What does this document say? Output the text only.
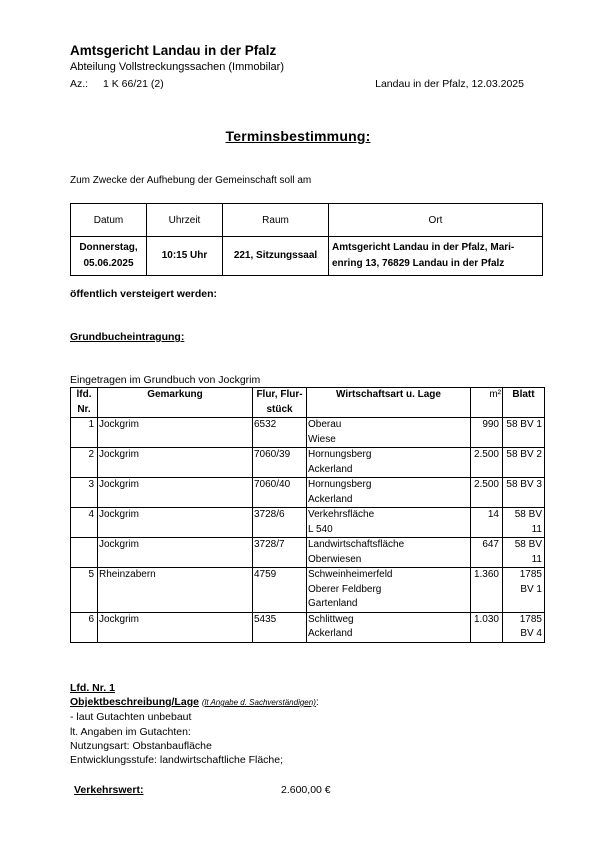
Amtsgericht Landau in der Pfalz
Abteilung Vollstreckungssachen (Immobilar)
Az.: 1 K 66/21 (2)	Landau in der Pfalz, 12.03.2025
Terminsbestimmung:
Zum Zwecke der Aufhebung der Gemeinschaft soll am
Datum	Uhrzeit	Raum	Ort
Donnerstag,
05.06.2025	10:15 Uhr	221, Sitzungssaal	Amtsgericht Landau in der Pfalz, Mari-
enring 13, 76829 Landau in der Pfalz
öffentlich versteigert werden:
Grundbucheintragung:
Eingetragen im Grundbuch von Jockgrim
lfd.
Nr.	Gemarkung	Flur, Flur-
stück	Wirtschaftsart u. Lage	m²	Blatt
1	Jockgrim	6532	Oberau
Wiese	990	58 BV 1
2	Jockgrim	7060/39	Hornungsberg
Ackerland	2.500	58 BV 2
3	Jockgrim	7060/40	Hornungsberg
Ackerland	2.500	58 BV 3
4	Jockgrim	3728/6	Verkehrsfläche
L 540	14	58 BV
11
	Jockgrim	3728/7	Landwirtschaftsfläche
Oberwiesen	647	58 BV
11
5	Rheinzabern	4759	Schweinheimerfeld
Oberer Feldberg
Gartenland	1.360	1785
BV 1
6	Jockgrim	5435	Schlittweg
Ackerland	1.030	1785
BV 4
Lfd. Nr. 1
Objektbeschreibung/Lage (lt Angabe d. Sachverständigen):
- laut Gutachten unbebaut
lt. Angaben im Gutachten:
Nutzungsart: Obstanbaufläche
Entwicklungsstufe: landwirtschaftliche Fläche;
Verkehrswert:	2.600,00 €
